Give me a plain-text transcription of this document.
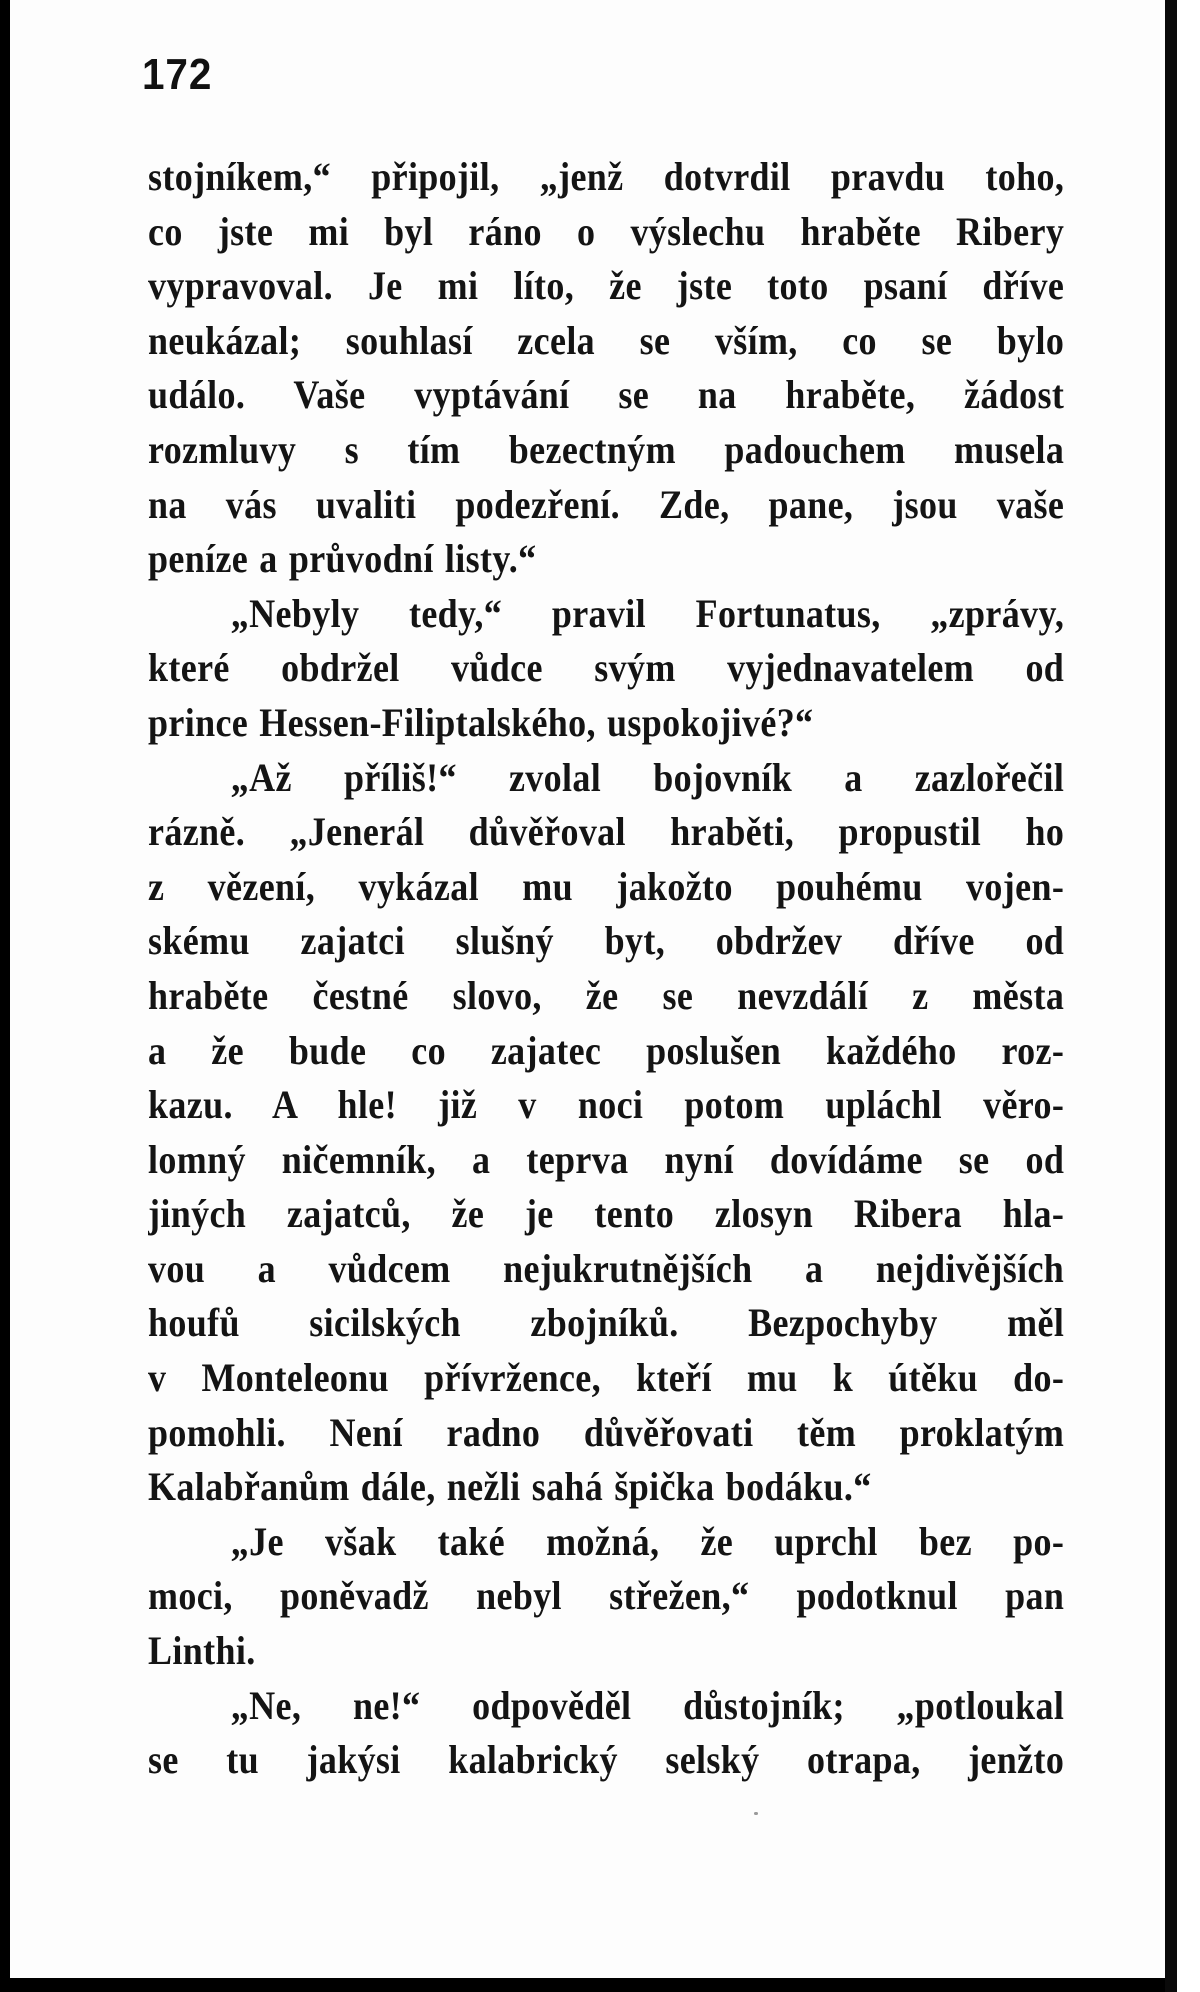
172
stojníkem,“ připojil, „jenž dotvrdil pravdu toho,
co jste mi byl ráno o výslechu hraběte Ribery
vypravoval. Je mi líto, že jste toto psaní dříve
neukázal; souhlasí zcela se vším, co se bylo
událo. Vaše vyptávání se na hraběte, žádost
rozmluvy s tím bezectným padouchem musela
na vás uvaliti podezření. Zde, pane, jsou vaše
peníze a průvodní listy.“
„Nebyly tedy,“ pravil Fortunatus, „zprávy,
které obdržel vůdce svým vyjednavatelem od
prince Hessen-Filiptalského, uspokojivé?“
„Až příliš!“ zvolal bojovník a zazlořečil
rázně. „Jenerál důvěřoval hraběti, propustil ho
z vězení, vykázal mu jakožto pouhému vojen-
skému zajatci slušný byt, obdržev dříve od
hraběte čestné slovo, že se nevzdálí z města
a že bude co zajatec poslušen každého roz-
kazu. A hle! již v noci potom upláchl věro-
lomný ničemník, a teprva nyní dovídáme se od
jiných zajatců, že je tento zlosyn Ribera hla-
vou a vůdcem nejukrutnějších a nejdivějších
houfů sicilských zbojníků. Bezpochyby měl
v Monteleonu přívržence, kteří mu k útěku do-
pomohli. Není radno důvěřovati těm proklatým
Kalabřanům dále, nežli sahá špička bodáku.“
„Je však také možná, že uprchl bez po-
moci, poněvadž nebyl střežen,“ podotknul pan
Linthi.
„Ne, ne!“ odpověděl důstojník; „potloukal
se tu jakýsi kalabrický selský otrapa, jenžto
